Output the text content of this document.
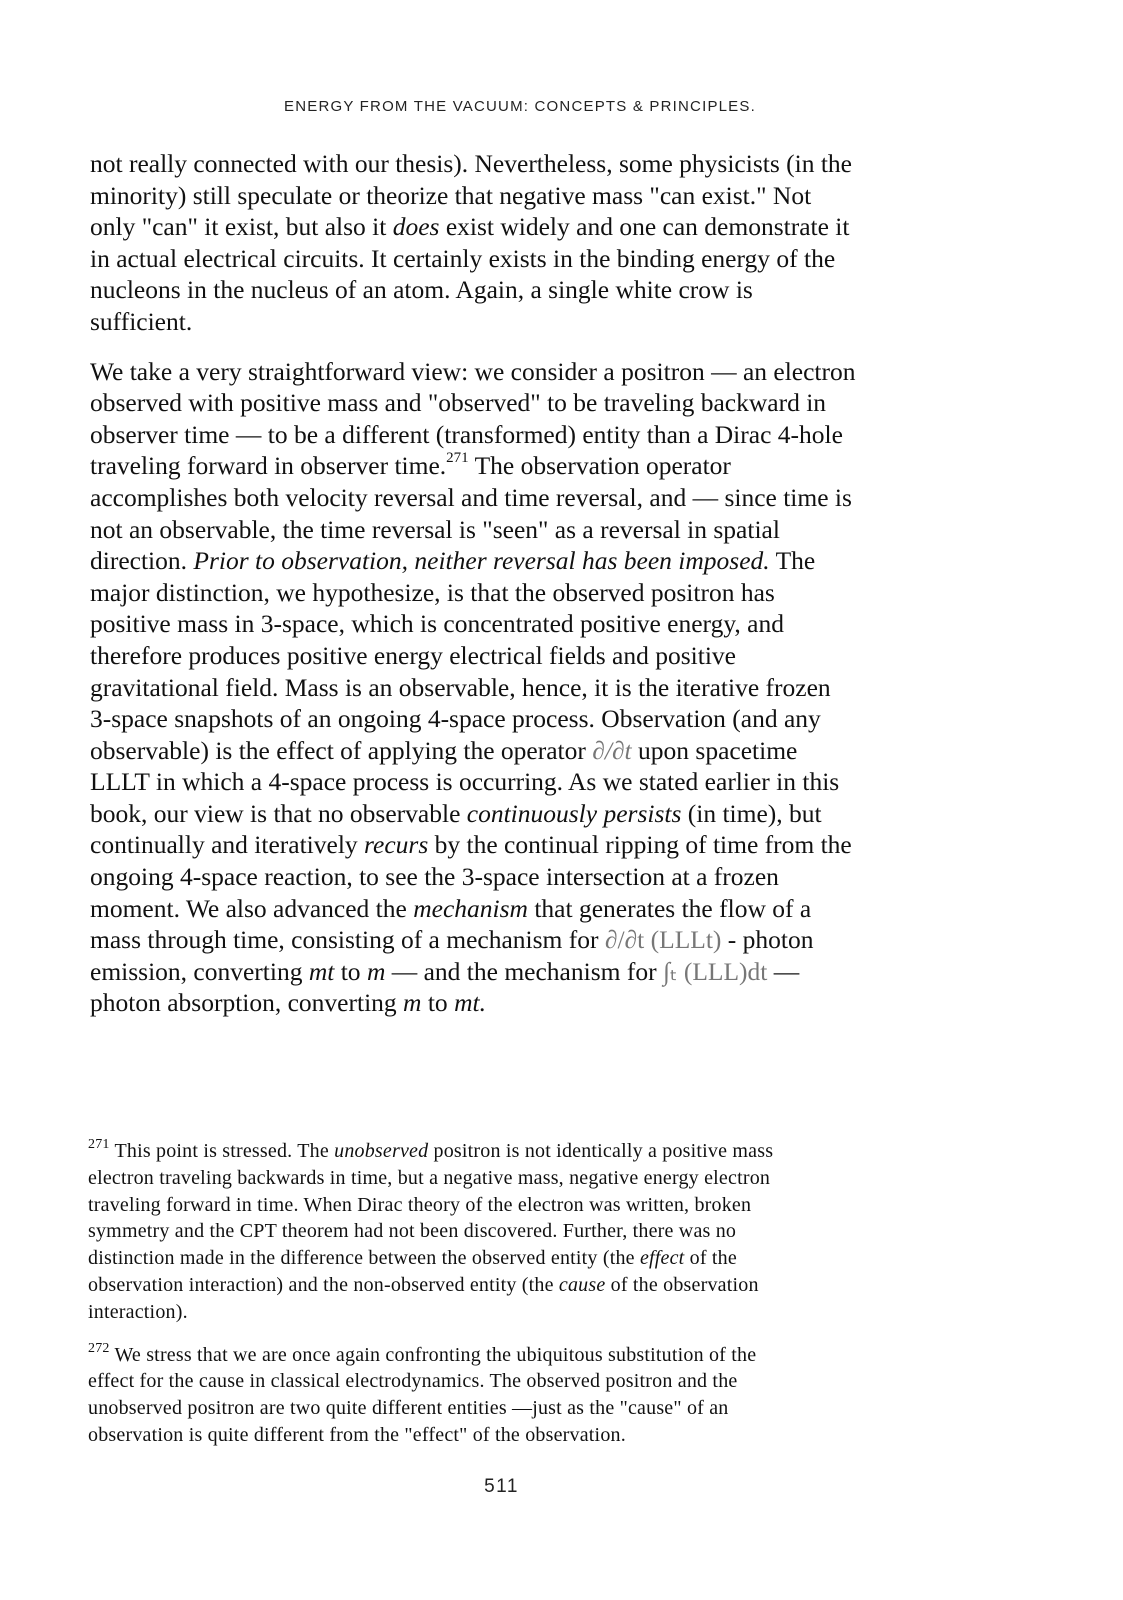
ENERGY FROM THE VACUUM: CONCEPTS & PRINCIPLES.
not really connected with our thesis). Nevertheless, some physicists (in the
minority) still speculate or theorize that negative mass "can exist." Not
only "can" it exist, but also it does exist widely and one can demonstrate it
in actual electrical circuits. It certainly exists in the binding energy of the
nucleons in the nucleus of an atom. Again, a single white crow is
sufficient.
We take a very straightforward view: we consider a positron — an electron
observed with positive mass and "observed" to be traveling backward in
observer time — to be a different (transformed) entity than a Dirac 4-hole
traveling forward in observer time.$^{271}$ The observation operator
accomplishes both velocity reversal and time reversal, and — since time is
not an observable, the time reversal is "seen" as a reversal in spatial
direction. Prior to observation, neither reversal has been imposed. The
major distinction, we hypothesize, is that the observed positron has
positive mass in 3-space, which is concentrated positive energy, and
therefore produces positive energy electrical fields and positive
gravitational field. Mass is an observable, hence, it is the iterative frozen
3-space snapshots of an ongoing 4-space process. Observation (and any
observable) is the effect of applying the operator ∂/∂t upon spacetime
LLLT in which a 4-space process is occurring. As we stated earlier in this
book, our view is that no observable continuously persists (in time), but
continually and iteratively recurs by the continual ripping of time from the
ongoing 4-space reaction, to see the 3-space intersection at a frozen
moment. We also advanced the mechanism that generates the flow of a
mass through time, consisting of a mechanism for ∂/∂t (LLLt) - photon
emission, converting mt to m — and the mechanism for ∫ₜ (LLL)dt —
photon absorption, converting m to mt.
$^{271}$ This point is stressed. The unobserved positron is not identically a positive mass
electron traveling backwards in time, but a negative mass, negative energy electron
traveling forward in time. When Dirac theory of the electron was written, broken
symmetry and the CPT theorem had not been discovered. Further, there was no
distinction made in the difference between the observed entity (the effect of the
observation interaction) and the non-observed entity (the cause of the observation
interaction).
$^{272}$ We stress that we are once again confronting the ubiquitous substitution of the
effect for the cause in classical electrodynamics. The observed positron and the
unobserved positron are two quite different entities —just as the "cause" of an
observation is quite different from the "effect" of the observation.
511
